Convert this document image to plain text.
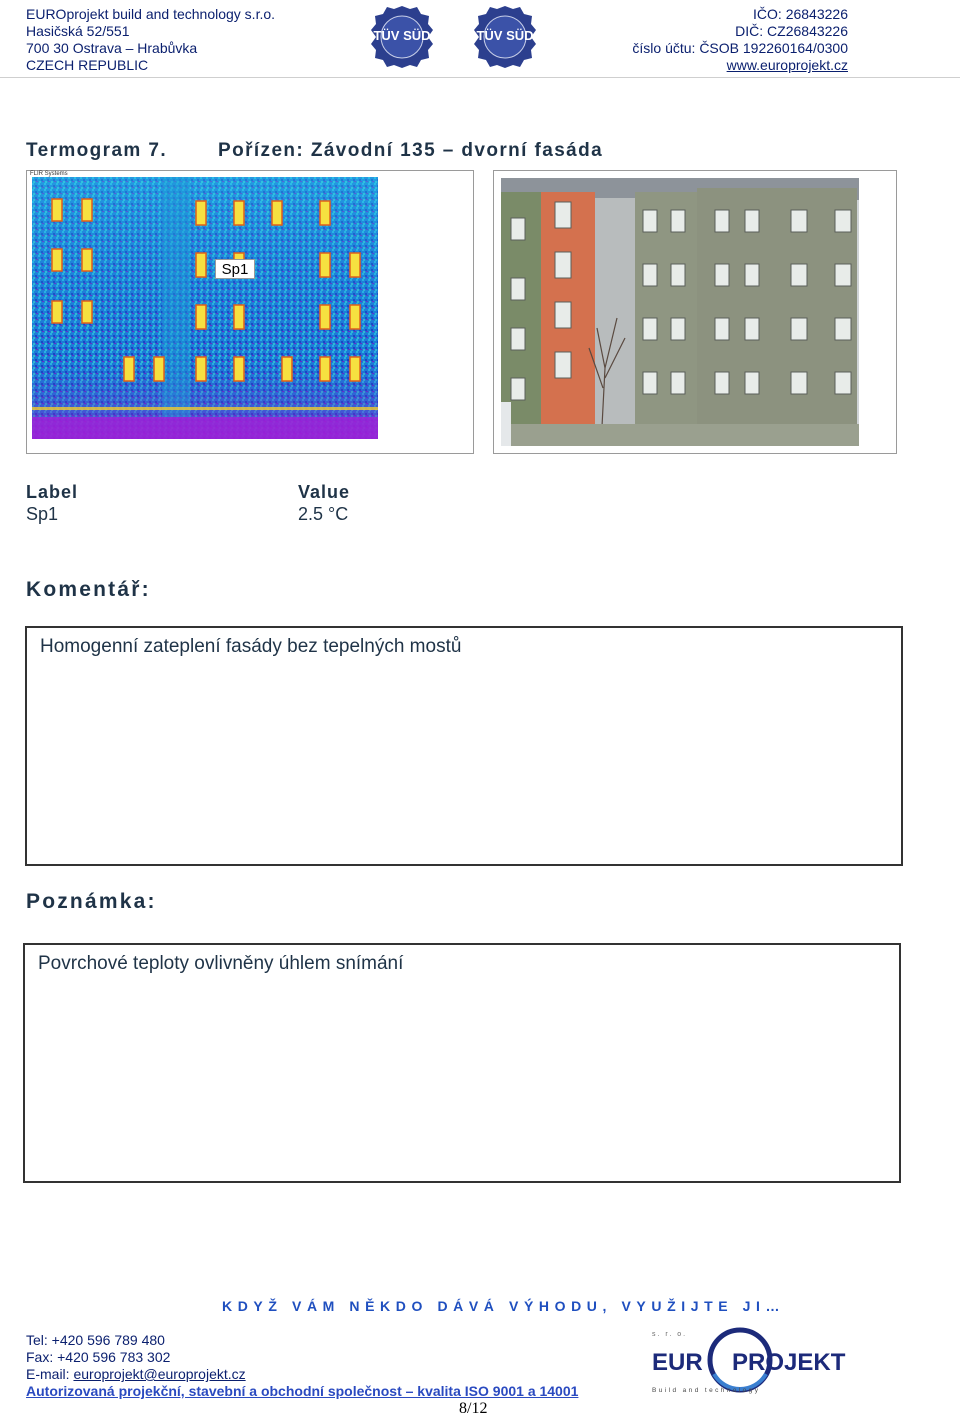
EUROprojekt build and technology s.r.o.
Hasičská 52/551
700 30 Ostrava – Hrabůvka
CZECH REPUBLIC
TÜV SÜD	TÜV SÜD
IČO: 26843226
DIČ: CZ26843226
číslo účtu: ČSOB 192260164/0300
www.europrojekt.cz
Termogram 7.	Pořízen: Závodní 135 – dvorní fasáda
FLIR Systems
Sp1
Label	Value
Sp1	2.5 °C
Komentář:
Homogenní zateplení fasády bez tepelných mostů
Poznámka:
Povrchové teploty ovlivněny úhlem snímání
KDYŽ VÁM NĚKDO DÁVÁ VÝHODU, VYUŽIJTE JI…
Tel: +420 596 789 480
Fax: +420 596 783 302
E-mail: europrojekt@europrojekt.cz
Autorizovaná projekční, stavební a obchodní společnost – kvalita ISO 9001 a 14001
s. r. o.
EUR PROJEKT
Build and technology
8/12
